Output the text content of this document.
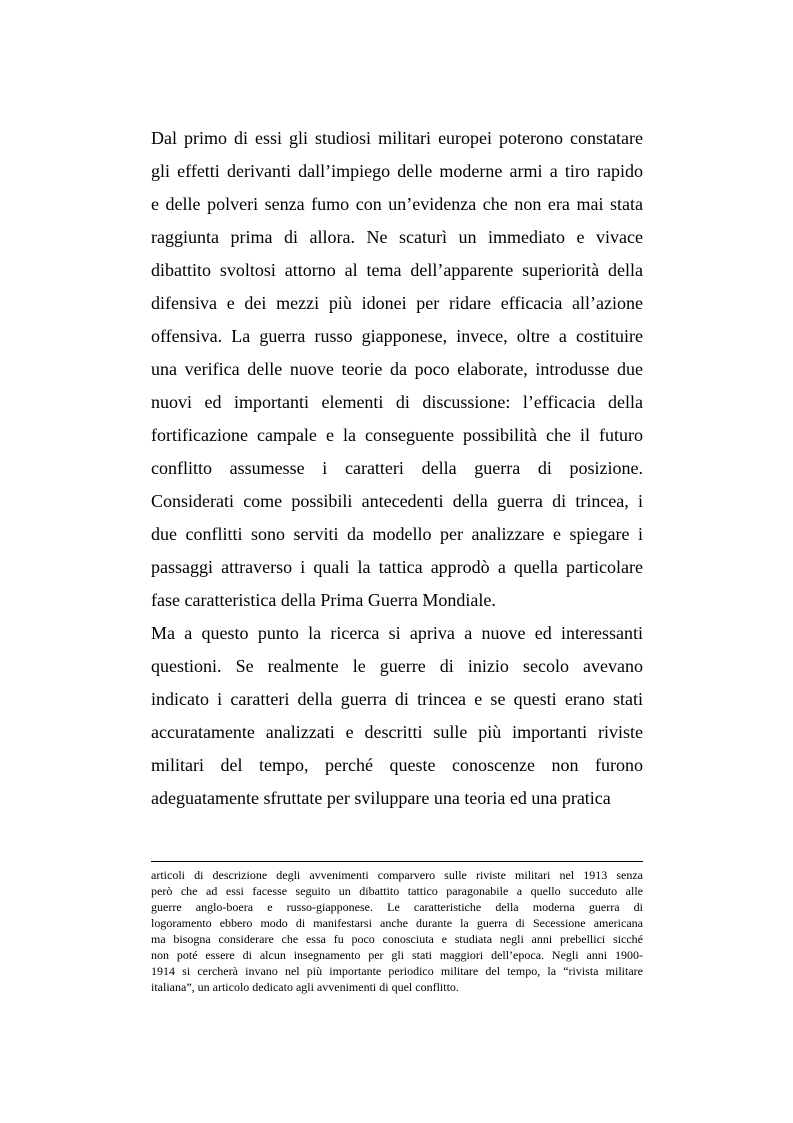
Dal primo di essi gli studiosi militari europei poterono constatare
gli effetti derivanti dall’impiego delle moderne armi a tiro rapido
e delle polveri senza fumo con un’evidenza che non era mai stata
raggiunta prima di allora. Ne scaturì un immediato e vivace
dibattito svoltosi attorno al tema dell’apparente superiorità della
difensiva e dei mezzi più idonei per ridare efficacia all’azione
offensiva. La guerra russo giapponese, invece, oltre a costituire
una verifica delle nuove teorie da poco elaborate, introdusse due
nuovi ed importanti elementi di discussione: l’efficacia della
fortificazione campale e la conseguente possibilità che il futuro
conflitto assumesse i caratteri della guerra di posizione.
Considerati come possibili antecedenti della guerra di trincea, i
due conflitti sono serviti da modello per analizzare e spiegare i
passaggi attraverso i quali la tattica approdò a quella particolare
fase caratteristica della Prima Guerra Mondiale.
Ma a questo punto la ricerca si apriva a nuove ed interessanti
questioni. Se realmente le guerre di inizio secolo avevano
indicato i caratteri della guerra di trincea e se questi erano stati
accuratamente analizzati e descritti sulle più importanti riviste
militari del tempo, perché queste conoscenze non furono
adeguatamente sfruttate per sviluppare una teoria ed una pratica
articoli di descrizione degli avvenimenti comparvero sulle riviste militari nel 1913 senza
però che ad essi facesse seguito un dibattito tattico paragonabile a quello succeduto alle
guerre anglo-boera e russo-giapponese. Le caratteristiche della moderna guerra di
logoramento ebbero modo di manifestarsi anche durante la guerra di Secessione americana
ma bisogna considerare che essa fu poco conosciuta e studiata negli anni prebellici sicché
non poté essere di alcun insegnamento per gli stati maggiori dell’epoca. Negli anni 1900-
1914 si cercherà invano nel più importante periodico militare del tempo, la “rivista militare
italiana”, un articolo dedicato agli avvenimenti di quel conflitto.
